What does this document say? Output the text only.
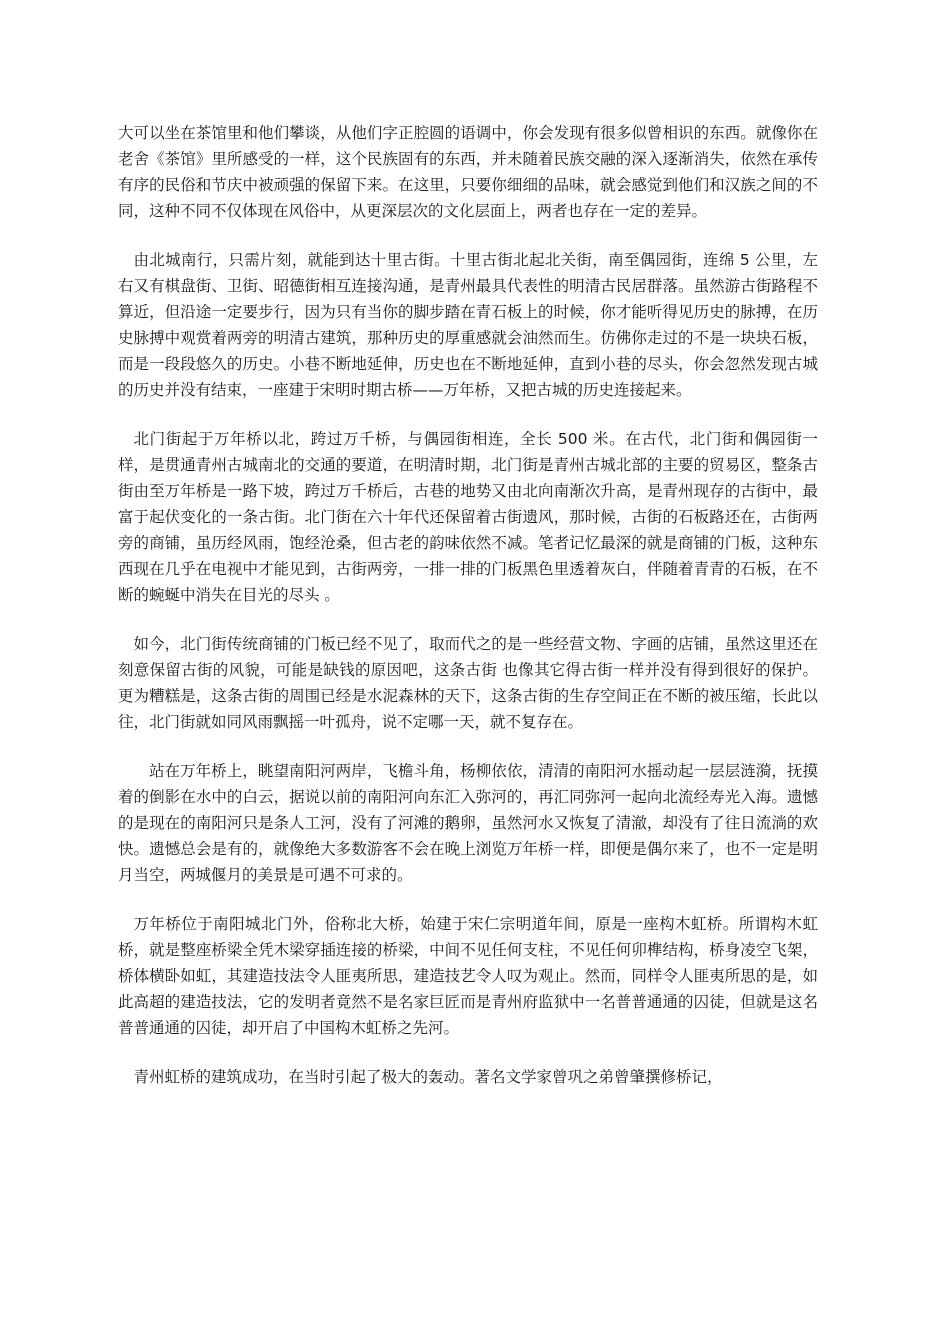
大可以坐在茶馆里和他们攀谈，从他们字正腔圆的语调中，你会发现有很多似曾相识的东西。就像你在老舍《茶馆》里所感受的一样，这个民族固有的东西，并未随着民族交融的深入逐渐消失，依然在承传有序的民俗和节庆中被顽强的保留下来。在这里，只要你细细的品味，就会感觉到他们和汉族之间的不同，这种不同不仅体现在风俗中，从更深层次的文化层面上，两者也存在一定的差异。

由北城南行，只需片刻，就能到达十里古街。十里古街北起北关街，南至偶园街，连绵 5 公里，左右又有棋盘街、卫街、昭德街相互连接沟通，是青州最具代表性的明清古民居群落。虽然游古街路程不算近，但沿途一定要步行，因为只有当你的脚步踏在青石板上的时候，你才能听得见历史的脉搏，在历史脉搏中观赏着两旁的明清古建筑，那种历史的厚重感就会油然而生。仿佛你走过的不是一块块石板，而是一段段悠久的历史。小巷不断地延伸，历史也在不断地延伸，直到小巷的尽头，你会忽然发现古城的历史并没有结束，一座建于宋明时期古桥——万年桥，又把古城的历史连接起来。

北门街起于万年桥以北，跨过万千桥，与偶园街相连，全长 500 米。在古代，北门街和偶园街一样，是贯通青州古城南北的交通的要道，在明清时期，北门街是青州古城北部的主要的贸易区，整条古街由至万年桥是一路下坡，跨过万千桥后，古巷的地势又由北向南渐次升高，是青州现存的古街中，最富于起伏变化的一条古街。北门街在六十年代还保留着古街遗风，那时候，古街的石板路还在，古街两旁的商铺，虽历经风雨，饱经沧桑，但古老的韵味依然不减。笔者记忆最深的就是商铺的门板，这种东西现在几乎在电视中才能见到，古街两旁，一排一排的门板黑色里透着灰白，伴随着青青的石板，在不断的蜿蜒中消失在目光的尽头 。

如今，北门街传统商铺的门板已经不见了，取而代之的是一些经营文物、字画的店铺，虽然这里还在刻意保留古街的风貌，可能是缺钱的原因吧，这条古街 也像其它得古街一样并没有得到很好的保护。更为糟糕是，这条古街的周围已经是水泥森林的天下，这条古街的生存空间正在不断的被压缩，长此以往，北门街就如同风雨飘摇一叶孤舟，说不定哪一天，就不复存在。

站在万年桥上，眺望南阳河两岸，飞檐斗角，杨柳依依，清清的南阳河水摇动起一层层涟漪，抚摸着的倒影在水中的白云，据说以前的南阳河向东汇入弥河的，再汇同弥河一起向北流经寿光入海。遗憾的是现在的南阳河只是条人工河，没有了河滩的鹅卵，虽然河水又恢复了清澈，却没有了往日流淌的欢快。遗憾总会是有的，就像绝大多数游客不会在晚上浏览万年桥一样，即便是偶尔来了，也不一定是明月当空，两城偃月的美景是可遇不可求的。

万年桥位于南阳城北门外，俗称北大桥，始建于宋仁宗明道年间，原是一座构木虹桥。所谓构木虹桥，就是整座桥梁全凭木梁穿插连接的桥梁，中间不见任何支柱，不见任何卯榫结构，桥身凌空飞架，桥体横卧如虹，其建造技法令人匪夷所思，建造技艺令人叹为观止。然而，同样令人匪夷所思的是，如此高超的建造技法，它的发明者竟然不是名家巨匠而是青州府监狱中一名普普通通的囚徒，但就是这名普普通通的囚徒，却开启了中国构木虹桥之先河。

青州虹桥的建筑成功，在当时引起了极大的轰动。著名文学家曾巩之弟曾肇撰修桥记，
